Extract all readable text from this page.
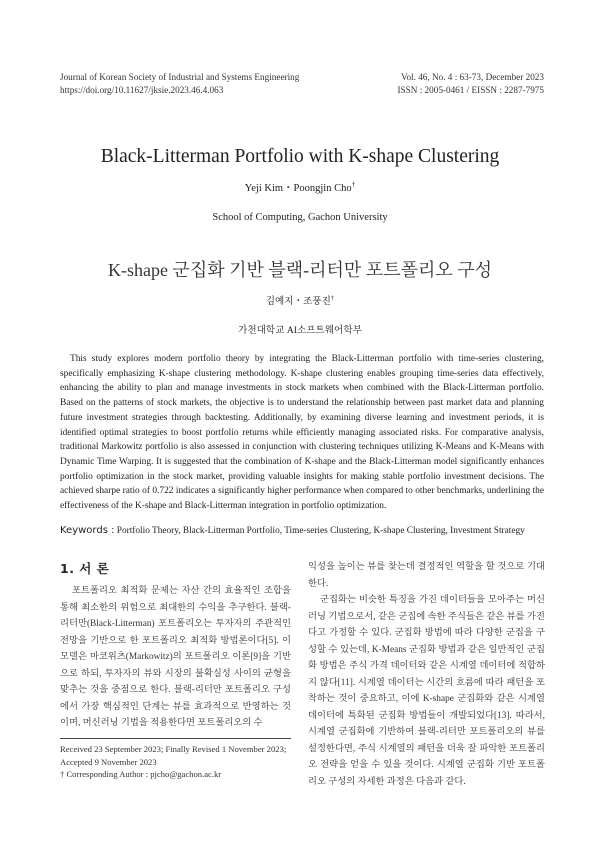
Journal of Korean Society of Industrial and Systems Engineering
https://doi.org/10.11627/jksie.2023.46.4.063
Vol. 46, No. 4 : 63-73, December 2023
ISSN : 2005-0461 / EISSN : 2287-7975
Black-Litterman Portfolio with K-shape Clustering
Yeji Kim・Poongjin Cho†
School of Computing, Gachon University
K-shape 군집화 기반 블랙-리터만 포트폴리오 구성
김예지・조풍진†
가천대학교 AI소프트웨어학부

This study explores modern portfolio theory by integrating the Black-Litterman portfolio with time-series clustering, specifically emphasizing K-shape clustering methodology. K-shape clustering enables grouping time-series data effectively, enhancing the ability to plan and manage investments in stock markets when combined with the Black-Litterman portfolio. Based on the patterns of stock markets, the objective is to understand the relationship between past market data and planning future investment strategies through backtesting. Additionally, by examining diverse learning and investment periods, it is identified optimal strategies to boost portfolio returns while efficiently managing associated risks. For comparative analysis, traditional Markowitz portfolio is also assessed in conjunction with clustering techniques utilizing K-Means and K-Means with Dynamic Time Warping. It is suggested that the combination of K-shape and the Black-Litterman model significantly enhances portfolio optimization in the stock market, providing valuable insights for making stable portfolio investment decisions. The achieved sharpe ratio of 0.722 indicates a significantly higher performance when compared to other benchmarks, underlining the effectiveness of the K-shape and Black-Litterman integration in portfolio optimization.

Keywords : Portfolio Theory, Black-Litterman Portfolio, Time-series Clustering, K-shape Clustering, Investment Strategy
1. 서 론

포트폴리오 최적화 문제는 자산 간의 효율적인 조합을 통해 최소한의 위험으로 최대한의 수익을 추구한다. 블랙-리터만(Black-Litterman) 포트폴리오는 투자자의 주관적인 전망을 기반으로 한 포트폴리오 최적화 방법론이다[5]. 이 모델은 마코위츠(Markowitz)의 포트폴리오 이론[9]을 기반으로 하되, 투자자의 뷰와 시장의 불확실성 사이의 균형을 맞추는 것을 중점으로 한다. 블랙-리터만 포트폴리오 구성에서 가장 핵심적인 단계는 뷰를 효과적으로 반영하는 것이며, 머신러닝 기법을 적용한다면 포트폴리오의 수

익성을 높이는 뷰를 찾는데 결정적인 역할을 할 것으로 기대한다.

군집화는 비슷한 특징을 가진 데이터들을 모아주는 머신러닝 기법으로서, 같은 군집에 속한 주식들은 같은 뷰를 가진다고 가정할 수 있다. 군집화 방법에 따라 다양한 군집을 구성할 수 있는데, K-Means 군집화 방법과 같은 일반적인 군집화 방법은 주식 가격 데이터와 같은 시계열 데이터에 적합하지 않다[11]. 시계열 데이터는 시간의 흐름에 따라 패턴을 포착하는 것이 중요하고, 이에 K-shape 군집화와 같은 시계열 데이터에 특화된 군집화 방법들이 개발되었다[13]. 따라서, 시계열 군집화에 기반하여 블랙-리터만 포트폴리오의 뷰를 설정한다면, 주식 시계열의 패턴을 더욱 잘 파악한 포트폴리오 전략을 얻을 수 있을 것이다. 시계열 군집화 기반 포트폴리오 구성의 자세한 과정은 다음과 같다.

Received 23 September 2023; Finally Revised 1 November 2023;
Accepted 9 November 2023
† Corresponding Author : pjcho@gachon.ac.kr
